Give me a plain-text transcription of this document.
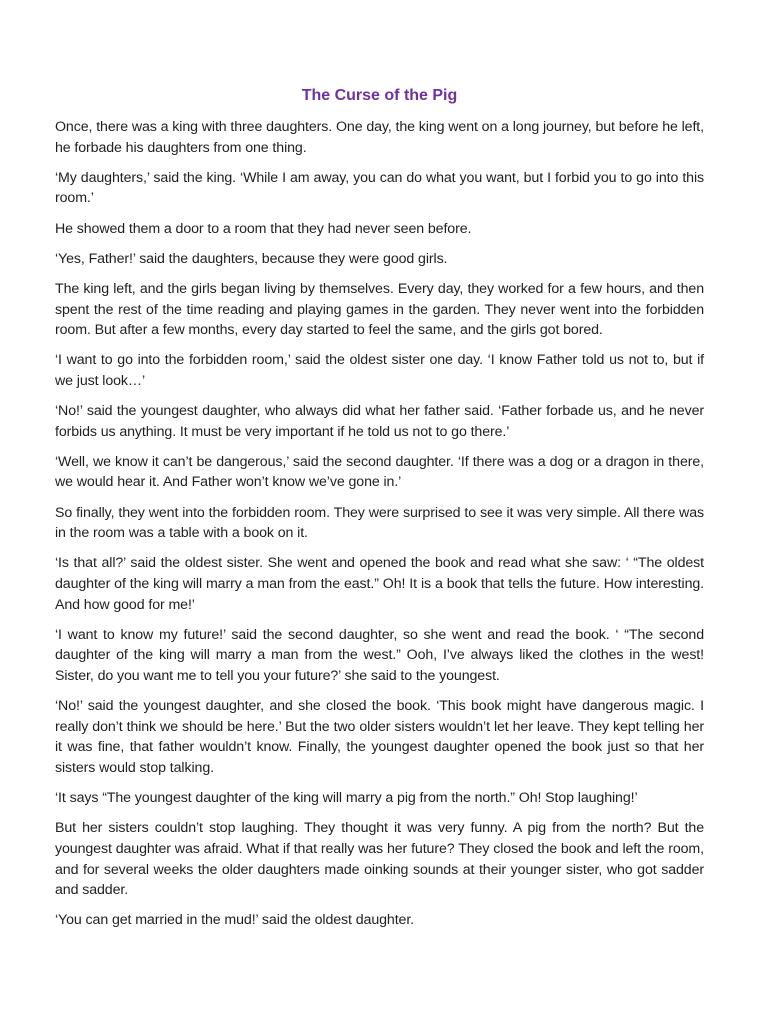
The Curse of the Pig

Once, there was a king with three daughters. One day, the king went on a long journey, but before he left, he forbade his daughters from one thing.

‘My daughters,’ said the king. ‘While I am away, you can do what you want, but I forbid you to go into this room.’

He showed them a door to a room that they had never seen before.

‘Yes, Father!’ said the daughters, because they were good girls.

The king left, and the girls began living by themselves. Every day, they worked for a few hours, and then spent the rest of the time reading and playing games in the garden. They never went into the forbidden room. But after a few months, every day started to feel the same, and the girls got bored.

‘I want to go into the forbidden room,’ said the oldest sister one day. ‘I know Father told us not to, but if we just look…’

‘No!’ said the youngest daughter, who always did what her father said. ‘Father forbade us, and he never forbids us anything. It must be very important if he told us not to go there.’

‘Well, we know it can’t be dangerous,’ said the second daughter. ‘If there was a dog or a dragon in there, we would hear it. And Father won’t know we’ve gone in.’

So finally, they went into the forbidden room. They were surprised to see it was very simple. All there was in the room was a table with a book on it.

‘Is that all?’ said the oldest sister. She went and opened the book and read what she saw: ‘ “The oldest daughter of the king will marry a man from the east.” Oh! It is a book that tells the future. How interesting. And how good for me!’

‘I want to know my future!’ said the second daughter, so she went and read the book. ‘ “The second daughter of the king will marry a man from the west.” Ooh, I’ve always liked the clothes in the west! Sister, do you want me to tell you your future?’ she said to the youngest.

‘No!’ said the youngest daughter, and she closed the book. ‘This book might have dangerous magic. I really don’t think we should be here.’ But the two older sisters wouldn’t let her leave. They kept telling her it was fine, that father wouldn’t know. Finally, the youngest daughter opened the book just so that her sisters would stop talking.

‘It says “The youngest daughter of the king will marry a pig from the north.” Oh! Stop laughing!’

But her sisters couldn’t stop laughing. They thought it was very funny. A pig from the north? But the youngest daughter was afraid. What if that really was her future? They closed the book and left the room, and for several weeks the older daughters made oinking sounds at their younger sister, who got sadder and sadder.

‘You can get married in the mud!’ said the oldest daughter.
